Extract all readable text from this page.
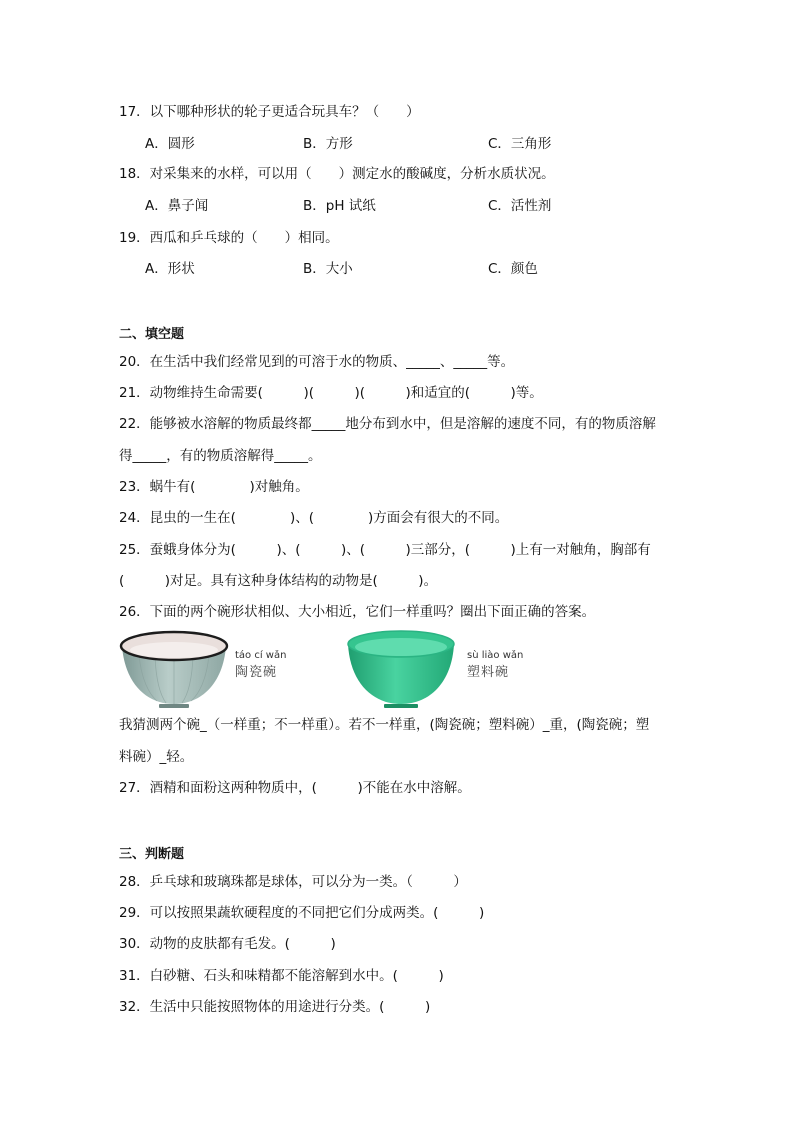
17．以下哪种形状的轮子更适合玩具车？（　　）
A．圆形	B．方形	C．三角形
18．对采集来的水样，可以用（　　）测定水的酸碱度，分析水质状况。
A．鼻子闻	B．pH 试纸	C．活性剂
19．西瓜和乒乓球的（　　）相同。
A．形状	B．大小	C．颜色
二、填空题
20．在生活中我们经常见到的可溶于水的物质、_____、_____等。
21．动物维持生命需要(　　　)(　　　)(　　　)和适宜的(　　　)等。
22．能够被水溶解的物质最终都_____地分布到水中，但是溶解的速度不同，有的物质溶解
得_____，有的物质溶解得_____。
23．蜗牛有(　　　　)对触角。
24．昆虫的一生在(　　　　)、(　　　　)方面会有很大的不同。
25．蚕蛾身体分为(　　　)、(　　　)、(　　　)三部分，(　　　)上有一对触角，胸部有
(　　　)对足。具有这种身体结构的动物是(　　　)。
26．下面的两个碗形状相似、大小相近，它们一样重吗？圈出下面正确的答案。
táo cí wǎn
陶瓷碗
sù liào wǎn
塑料碗
我猜测两个碗_（一样重；不一样重）。若不一样重，(陶瓷碗；塑料碗）_重，(陶瓷碗；塑
料碗）_轻。
27．酒精和面粉这两种物质中，(　　　)不能在水中溶解。
三、判断题
28．乒乓球和玻璃珠都是球体，可以分为一类。（　　　）
29．可以按照果蔬软硬程度的不同把它们分成两类。(　　　)
30．动物的皮肤都有毛发。(　　　)
31．白砂糖、石头和味精都不能溶解到水中。(　　　)
32．生活中只能按照物体的用途进行分类。(　　　)
